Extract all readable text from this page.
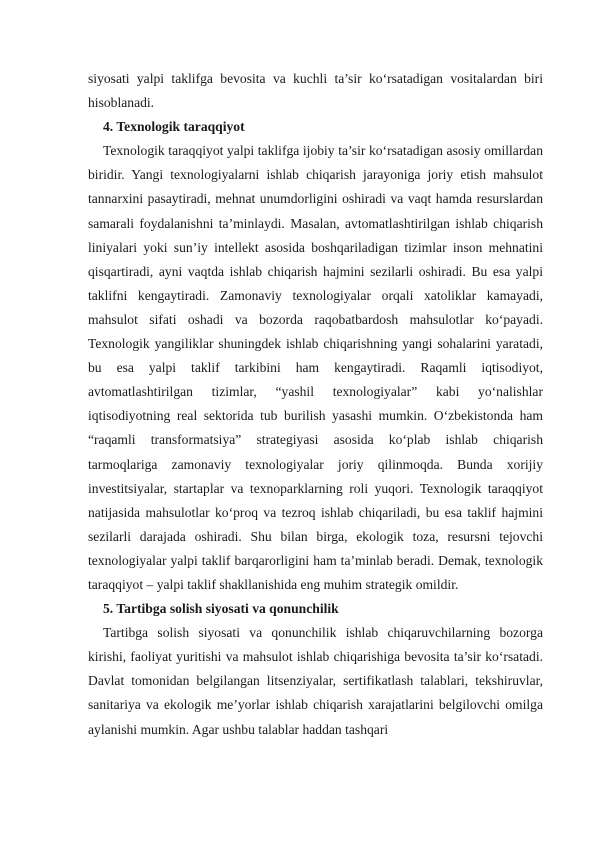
siyosati yalpi taklifga bevosita va kuchli ta’sir ko‘rsatadigan vositalardan biri hisoblanadi.

4. Texnologik taraqqiyot

Texnologik taraqqiyot yalpi taklifga ijobiy ta’sir ko‘rsatadigan asosiy omillardan biridir. Yangi texnologiyalarni ishlab chiqarish jarayoniga joriy etish mahsulot tannarxini pasaytiradi, mehnat unumdorligini oshiradi va vaqt hamda resurslardan samarali foydalanishni ta’minlaydi. Masalan, avtomatlashtirilgan ishlab chiqarish liniyalari yoki sun’iy intellekt asosida boshqariladigan tizimlar inson mehnatini qisqartiradi, ayni vaqtda ishlab chiqarish hajmini sezilarli oshiradi. Bu esa yalpi taklifni kengaytiradi. Zamonaviy texnologiyalar orqali xatoliklar kamayadi, mahsulot sifati oshadi va bozorda raqobatbardosh mahsulotlar ko‘payadi. Texnologik yangiliklar shuningdek ishlab chiqarishning yangi sohalarini yaratadi, bu esa yalpi taklif tarkibini ham kengaytiradi. Raqamli iqtisodiyot, avtomatlashtirilgan tizimlar, “yashil texnologiyalar” kabi yo‘nalishlar iqtisodiyotning real sektorida tub burilish yasashi mumkin. O‘zbekistonda ham “raqamli transformatsiya” strategiyasi asosida ko‘plab ishlab chiqarish tarmoqlariga zamonaviy texnologiyalar joriy qilinmoqda. Bunda xorijiy investitsiyalar, startaplar va texnoparklarning roli yuqori. Texnologik taraqqiyot natijasida mahsulotlar ko‘proq va tezroq ishlab chiqariladi, bu esa taklif hajmini sezilarli darajada oshiradi. Shu bilan birga, ekologik toza, resursni tejovchi texnologiyalar yalpi taklif barqarorligini ham ta’minlab beradi. Demak, texnologik taraqqiyot – yalpi taklif shakllanishida eng muhim strategik omildir.

5. Tartibga solish siyosati va qonunchilik

Tartibga solish siyosati va qonunchilik ishlab chiqaruvchilarning bozorga kirishi, faoliyat yuritishi va mahsulot ishlab chiqarishiga bevosita ta’sir ko‘rsatadi. Davlat tomonidan belgilangan litsenziyalar, sertifikatlash talablari, tekshiruvlar, sanitariya va ekologik me’yorlar ishlab chiqarish xarajatlarini belgilovchi omilga aylanishi mumkin. Agar ushbu talablar haddan tashqari
